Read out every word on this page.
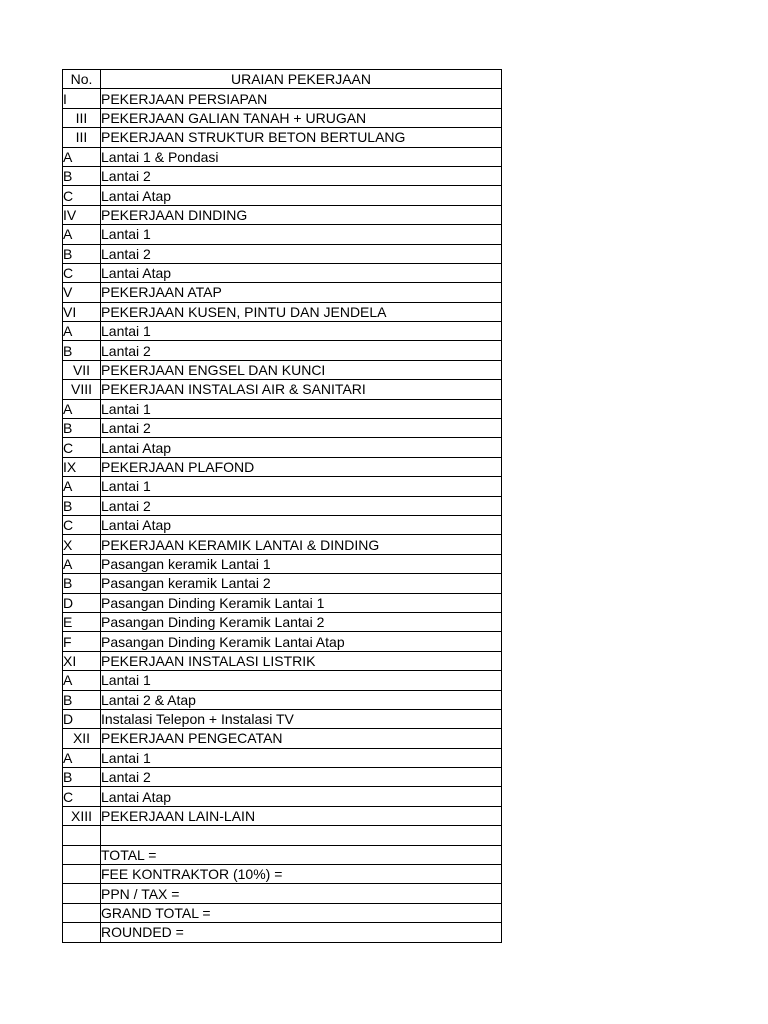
No.	URAIAN PEKERJAAN
I	PEKERJAAN PERSIAPAN
III	PEKERJAAN GALIAN TANAH + URUGAN
III	PEKERJAAN STRUKTUR BETON BERTULANG
A	Lantai 1 & Pondasi
B	Lantai 2
C	Lantai Atap
IV	PEKERJAAN DINDING
A	Lantai 1
B	Lantai 2
C	Lantai Atap
V	PEKERJAAN ATAP
VI	PEKERJAAN KUSEN, PINTU DAN JENDELA
A	Lantai 1
B	Lantai 2
VII	PEKERJAAN ENGSEL DAN KUNCI
VIII	PEKERJAAN INSTALASI AIR & SANITARI
A	Lantai 1
B	Lantai 2
C	Lantai Atap
IX	PEKERJAAN PLAFOND
A	Lantai 1
B	Lantai 2
C	Lantai Atap
X	PEKERJAAN KERAMIK LANTAI & DINDING
A	Pasangan keramik Lantai 1
B	Pasangan keramik Lantai 2
D	Pasangan Dinding Keramik Lantai 1
E	Pasangan Dinding Keramik Lantai 2
F	Pasangan Dinding Keramik Lantai Atap
XI	PEKERJAAN INSTALASI LISTRIK
A	Lantai 1
B	Lantai 2 & Atap
D	Instalasi Telepon + Instalasi TV
XII	PEKERJAAN PENGECATAN
A	Lantai 1
B	Lantai 2
C	Lantai Atap
XIII	PEKERJAAN LAIN-LAIN

	TOTAL =
	FEE KONTRAKTOR (10%) =
	PPN / TAX =
	GRAND TOTAL =
	ROUNDED =
